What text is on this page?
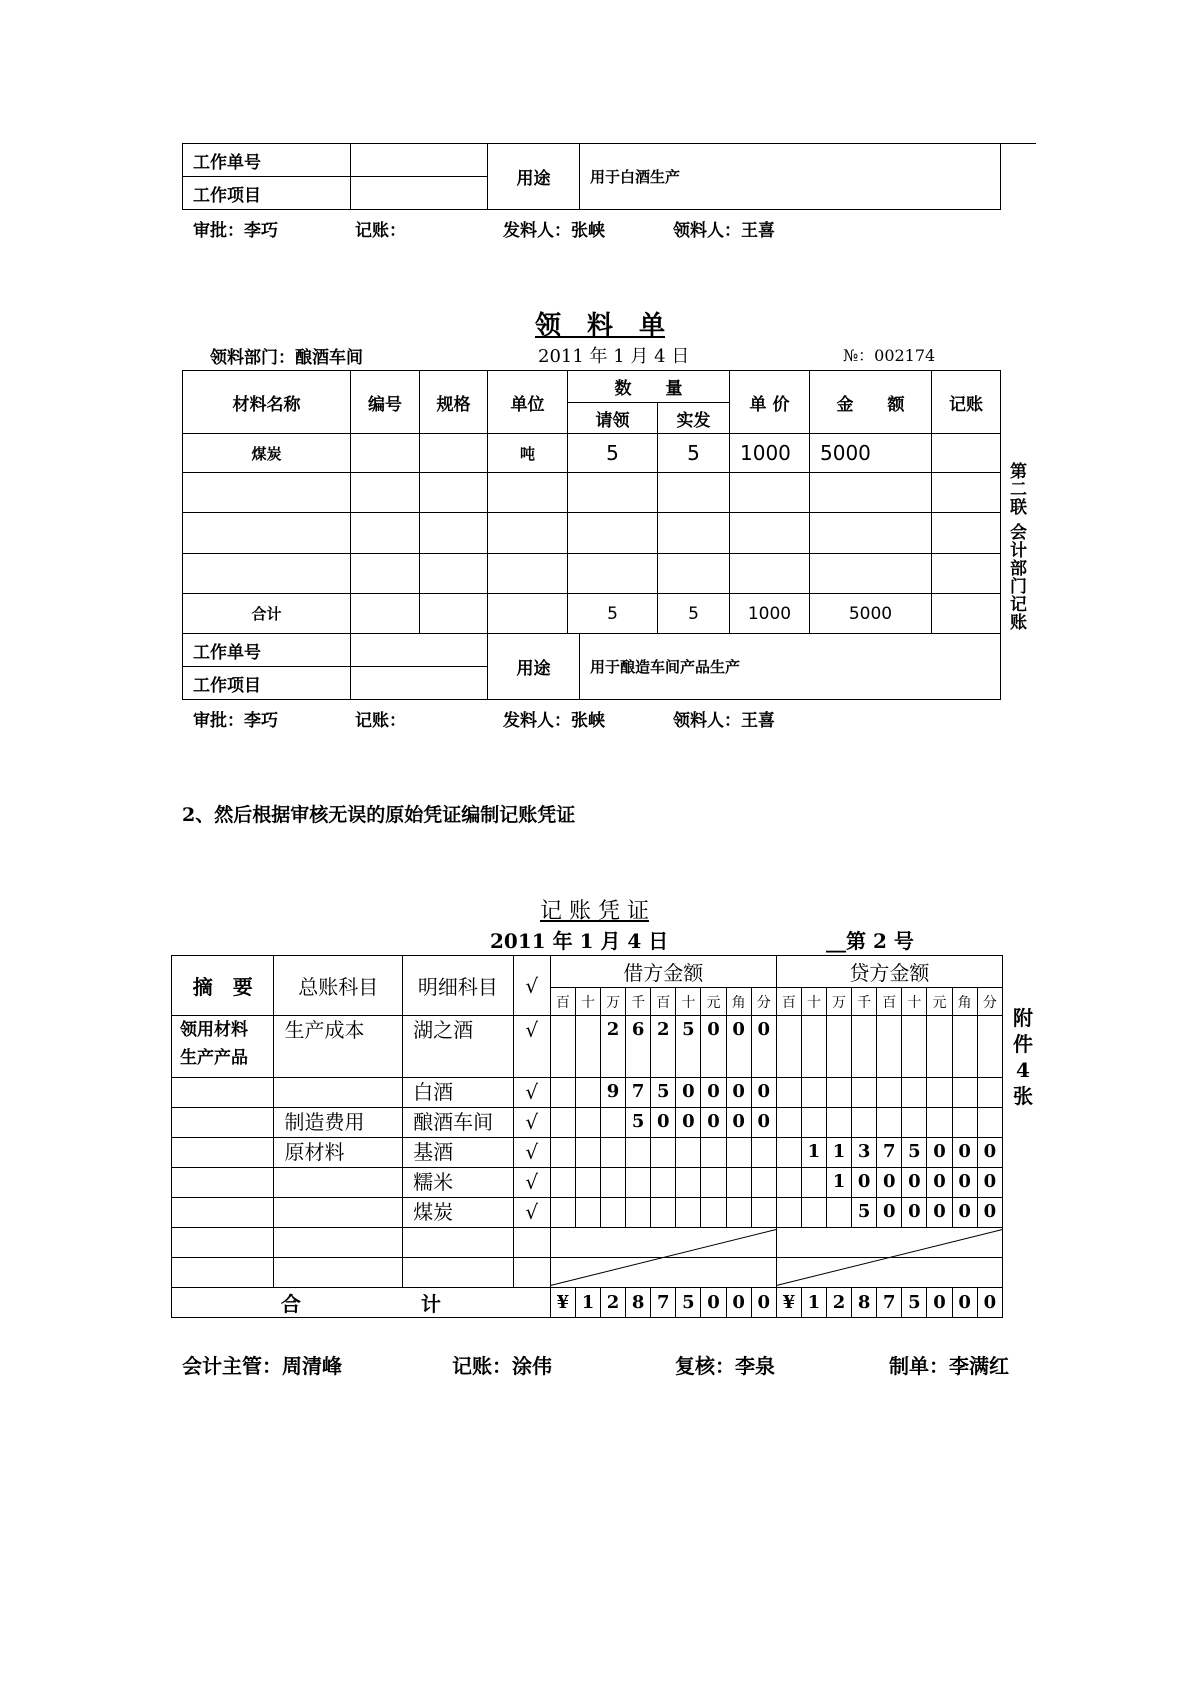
工作单号		用途	用于白酒生产
工作项目			
审批：李巧	记账：	发料人：张峡	领料人：王喜
领　料　单
领料部门：酿酒车间	2011 年 1 月 4 日	№：002174
材料名称	编号	规格	单位	数　　量		单 价	金　　额	记账
				请领	实发			
煤炭			吨	5	5	1000	5000	

合计				5	5	1000	5000	
工作单号		用途	用于酿造车间产品生产
工作项目			
第二联 会计部门记账
审批：李巧	记账：	发料人：张峡	领料人：王喜
2、然后根据审核无误的原始凭证编制记账凭证
记 账 凭 证
2011 年 1 月 4 日	__第 2 号
摘　要	总账科目	明细科目	√	借方金额									贷方金额								
				百	十	万	千	百	十	元	角	分	百	十	万	千	百	十	元	角	分
领用材料
生产产品	生产成本	湖之酒	√			2	6	2	5	0	0	0									
		白酒	√			9	7	5	0	0	0	0									
	制造费用	酿酒车间	√				5	0	0	0	0	0									
	原材料	基酒	√											1	1	3	7	5	0	0	0
		糯米	√												1	0	0	0	0	0	0
		煤炭	√													5	0	0	0	0	0

合　　　　　　计				¥	1	2	8	7	5	0	0	0	¥	1	2	8	7	5	0	0	0
附件4张
会计主管：周清峰	记账：涂伟	复核：李泉	制单：李满红
